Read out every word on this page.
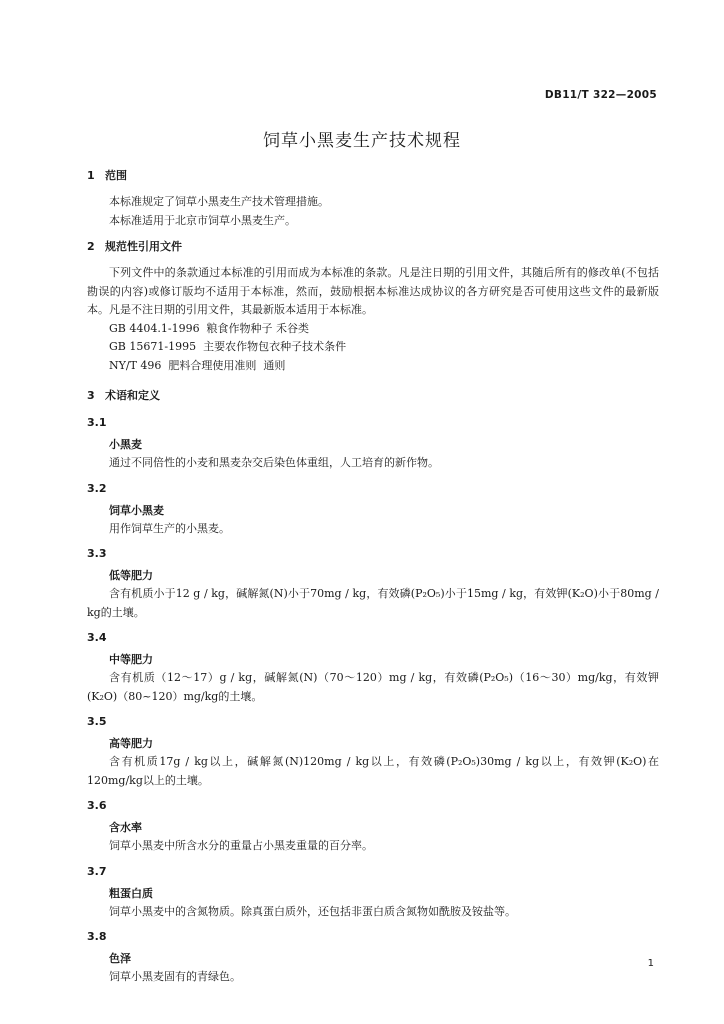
DB11/T 322—2005
饲草小黑麦生产技术规程
1 范围
本标准规定了饲草小黑麦生产技术管理措施。
本标准适用于北京市饲草小黑麦生产。
2 规范性引用文件
下列文件中的条款通过本标准的引用而成为本标准的条款。凡是注日期的引用文件，其随后所有的修改单(不包括勘误的内容)或修订版均不适用于本标准，然而，鼓励根据本标准达成协议的各方研究是否可使用这些文件的最新版本。凡是不注日期的引用文件，其最新版本适用于本标准。
GB 4404.1-1996  粮食作物种子 禾谷类
GB 15671-1995  主要农作物包衣种子技术条件
NY/T 496  肥料合理使用准则  通则
3 术语和定义
3.1
小黑麦
通过不同倍性的小麦和黑麦杂交后染色体重组，人工培育的新作物。
3.2
饲草小黑麦
用作饲草生产的小黑麦。
3.3
低等肥力
含有机质小于12 g / kg，碱解氮(N)小于70mg / kg，有效磷(P₂O₅)小于15mg / kg，有效钾(K₂O)小于80mg / kg的土壤。
3.4
中等肥力
含有机质（12～17）g / kg，碱解氮(N)（70～120）mg / kg，有效磷(P₂O₅)（16～30）mg/kg，有效钾(K₂O)（80~120）mg/kg的土壤。
3.5
高等肥力
含有机质17g / kg以上，碱解氮(N)120mg / kg以上，有效磷(P₂O₅)30mg / kg以上，有效钾(K₂O)在120mg/kg以上的土壤。
3.6
含水率
饲草小黑麦中所含水分的重量占小黑麦重量的百分率。
3.7
粗蛋白质
饲草小黑麦中的含氮物质。除真蛋白质外，还包括非蛋白质含氮物如酰胺及铵盐等。
3.8
色泽
饲草小黑麦固有的青绿色。
1
